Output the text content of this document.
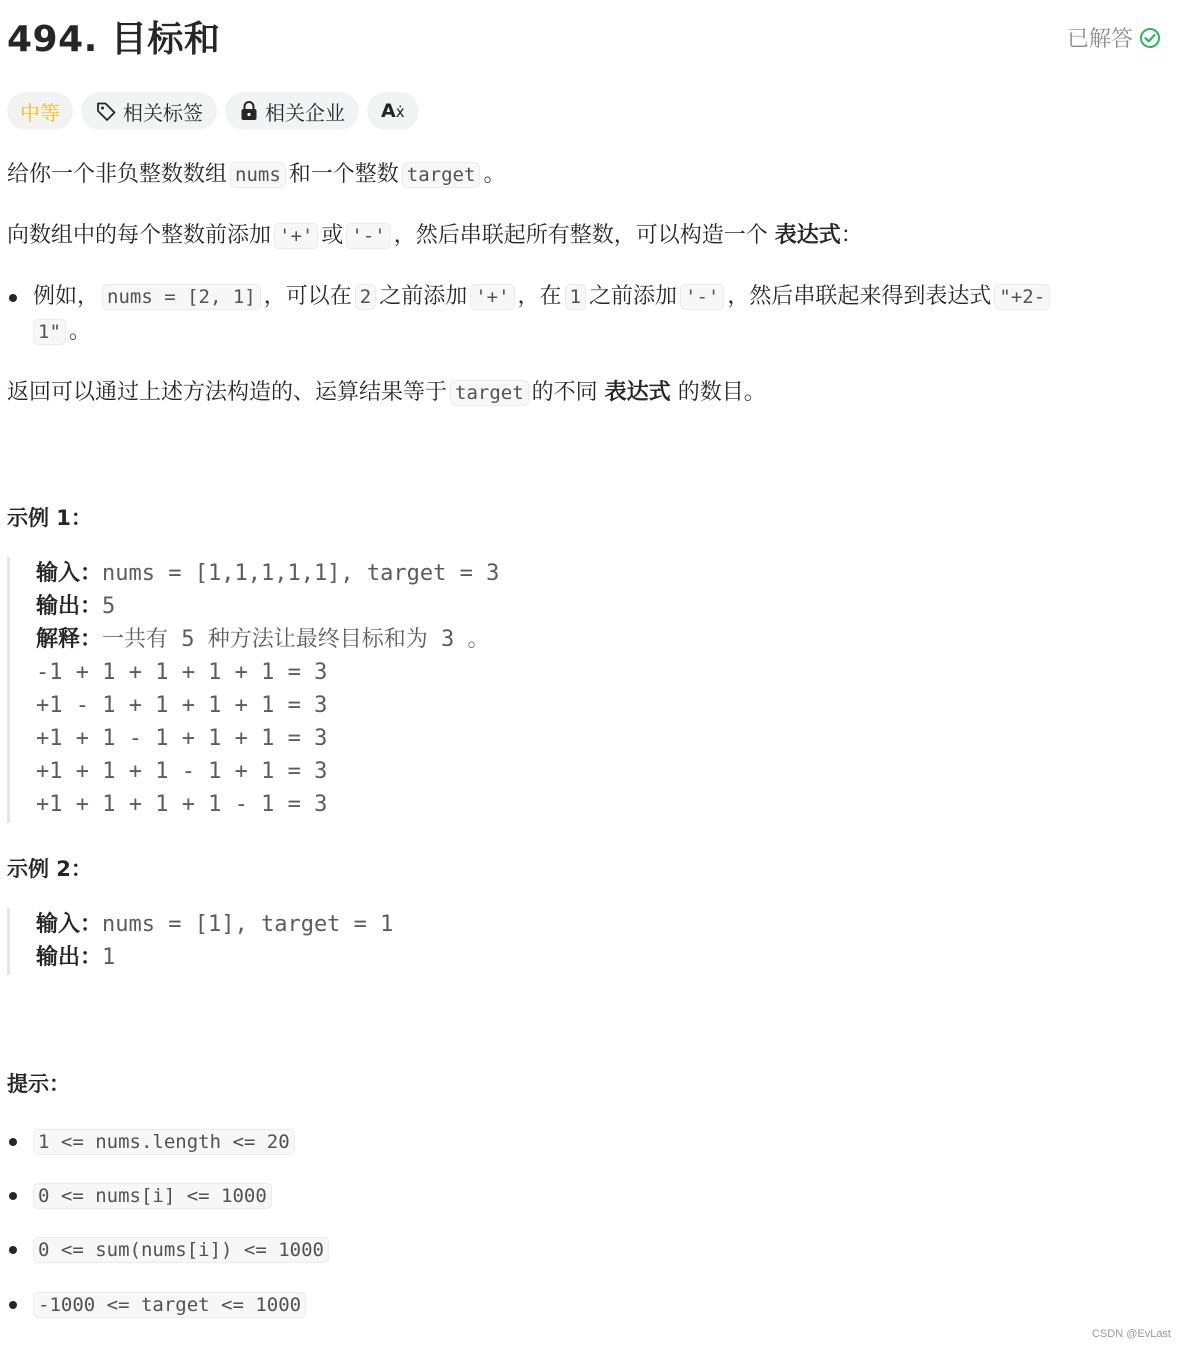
494. 目标和	已解答
中等	相关标签	相关企业 Aẋ
给你一个非负整数数组 nums 和一个整数 target 。
向数组中的每个整数前添加 '+' 或 '-' ，然后串联起所有整数，可以构造一个 表达式：
例如， nums = [2, 1] ，可以在 2 之前添加 '+' ，在 1 之前添加 '-' ，然后串联起来得到表达式 "+2-
1" 。
返回可以通过上述方法构造的、运算结果等于 target 的不同 表达式 的数目。
示例 1：
输入：nums = [1,1,1,1,1], target = 3
输出：5
解释：一共有 5 种方法让最终目标和为 3 。
-1 + 1 + 1 + 1 + 1 = 3
+1 - 1 + 1 + 1 + 1 = 3
+1 + 1 - 1 + 1 + 1 = 3
+1 + 1 + 1 - 1 + 1 = 3
+1 + 1 + 1 + 1 - 1 = 3
示例 2：
输入：nums = [1], target = 1
输出：1
提示：
1 <= nums.length <= 20
0 <= nums[i] <= 1000
0 <= sum(nums[i]) <= 1000
-1000 <= target <= 1000
CSDN @EvLast
